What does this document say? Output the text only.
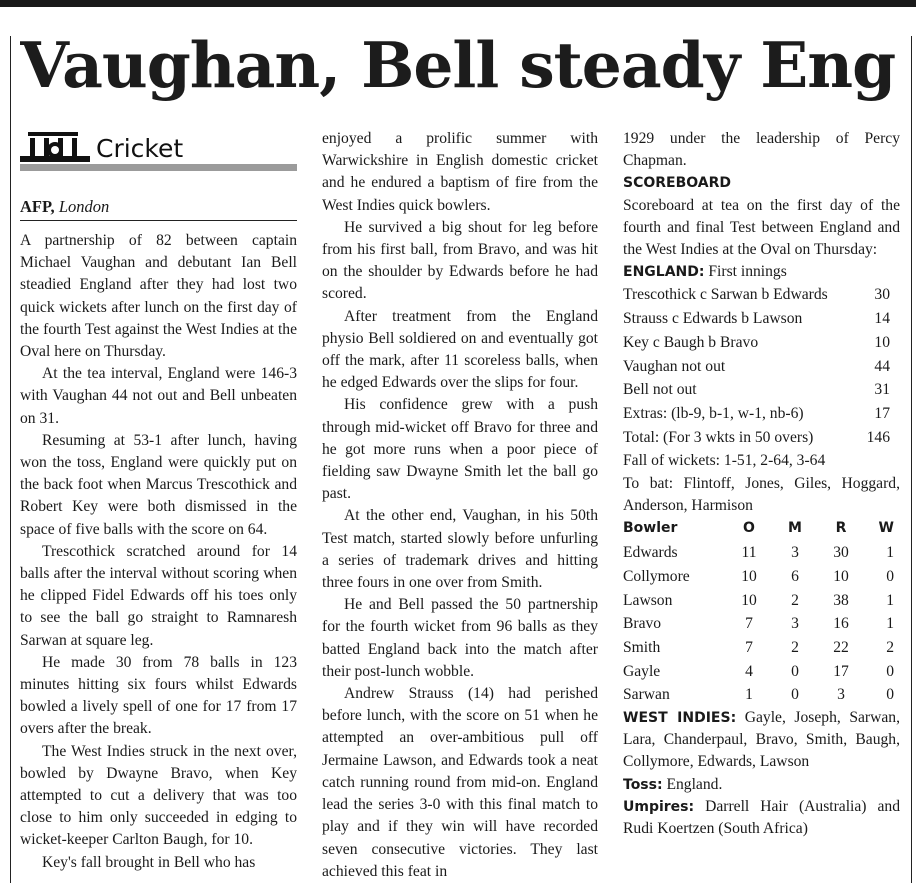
Vaughan, Bell steady Eng
Cricket
AFP, London

A partnership of 82 between captain Michael Vaughan and debutant Ian Bell steadied England after they had lost two quick wickets after lunch on the first day of the fourth Test against the West Indies at the Oval here on Thursday.

At the tea interval, England were 146-3 with Vaughan 44 not out and Bell unbeaten on 31.

Resuming at 53-1 after lunch, having won the toss, England were quickly put on the back foot when Marcus Trescothick and Robert Key were both dismissed in the space of five balls with the score on 64.

Trescothick scratched around for 14 balls after the interval without scoring when he clipped Fidel Edwards off his toes only to see the ball go straight to Ramnaresh Sarwan at square leg.

He made 30 from 78 balls in 123 minutes hitting six fours whilst Edwards bowled a lively spell of one for 17 from 17 overs after the break.

The West Indies struck in the next over, bowled by Dwayne Bravo, when Key attempted to cut a delivery that was too close to him only succeeded in edging to wicket-keeper Carlton Baugh, for 10.

Key's fall brought in Bell who has

enjoyed a prolific summer with Warwickshire in English domestic cricket and he endured a baptism of fire from the West Indies quick bowlers.

He survived a big shout for leg before from his first ball, from Bravo, and was hit on the shoulder by Edwards before he had scored.

After treatment from the England physio Bell soldiered on and eventually got off the mark, after 11 scoreless balls, when he edged Edwards over the slips for four.

His confidence grew with a push through mid-wicket off Bravo for three and he got more runs when a poor piece of fielding saw Dwayne Smith let the ball go past.

At the other end, Vaughan, in his 50th Test match, started slowly before unfurling a series of trademark drives and hitting three fours in one over from Smith.

He and Bell passed the 50 partnership for the fourth wicket from 96 balls as they batted England back into the match after their post-lunch wobble.

Andrew Strauss (14) had perished before lunch, with the score on 51 when he attempted an over-ambitious pull off Jermaine Lawson, and Edwards took a neat catch running round from mid-on. England lead the series 3-0 with this final match to play and if they win will have recorded seven consecutive victories. They last achieved this feat in

1929 under the leadership of Percy Chapman.

SCOREBOARD

Scoreboard at tea on the first day of the fourth and final Test between England and the West Indies at the Oval on Thursday:

ENGLAND: First innings
Trescothick c Sarwan b Edwards	30
Strauss c Edwards b Lawson	14
Key c Baugh b Bravo	10
Vaughan not out	44
Bell not out	31
Extras: (lb-9, b-1, w-1, nb-6)	17
Total: (For 3 wkts in 50 overs)	146
Fall of wickets: 1-51, 2-64, 3-64

To bat: Flintoff, Jones, Giles, Hoggard, Anderson, Harmison

Bowler	O	M	R	W
Edwards	11	3	30	1
Collymore	10	6	10	0
Lawson	10	2	38	1
Bravo	7	3	16	1
Smith	7	2	22	2
Gayle	4	0	17	0
Sarwan	1	0	3	0

WEST INDIES: Gayle, Joseph, Sarwan, Lara, Chanderpaul, Bravo, Smith, Baugh, Collymore, Edwards, Lawson

Toss: England.

Umpires: Darrell Hair (Australia) and Rudi Koertzen (South Africa)
